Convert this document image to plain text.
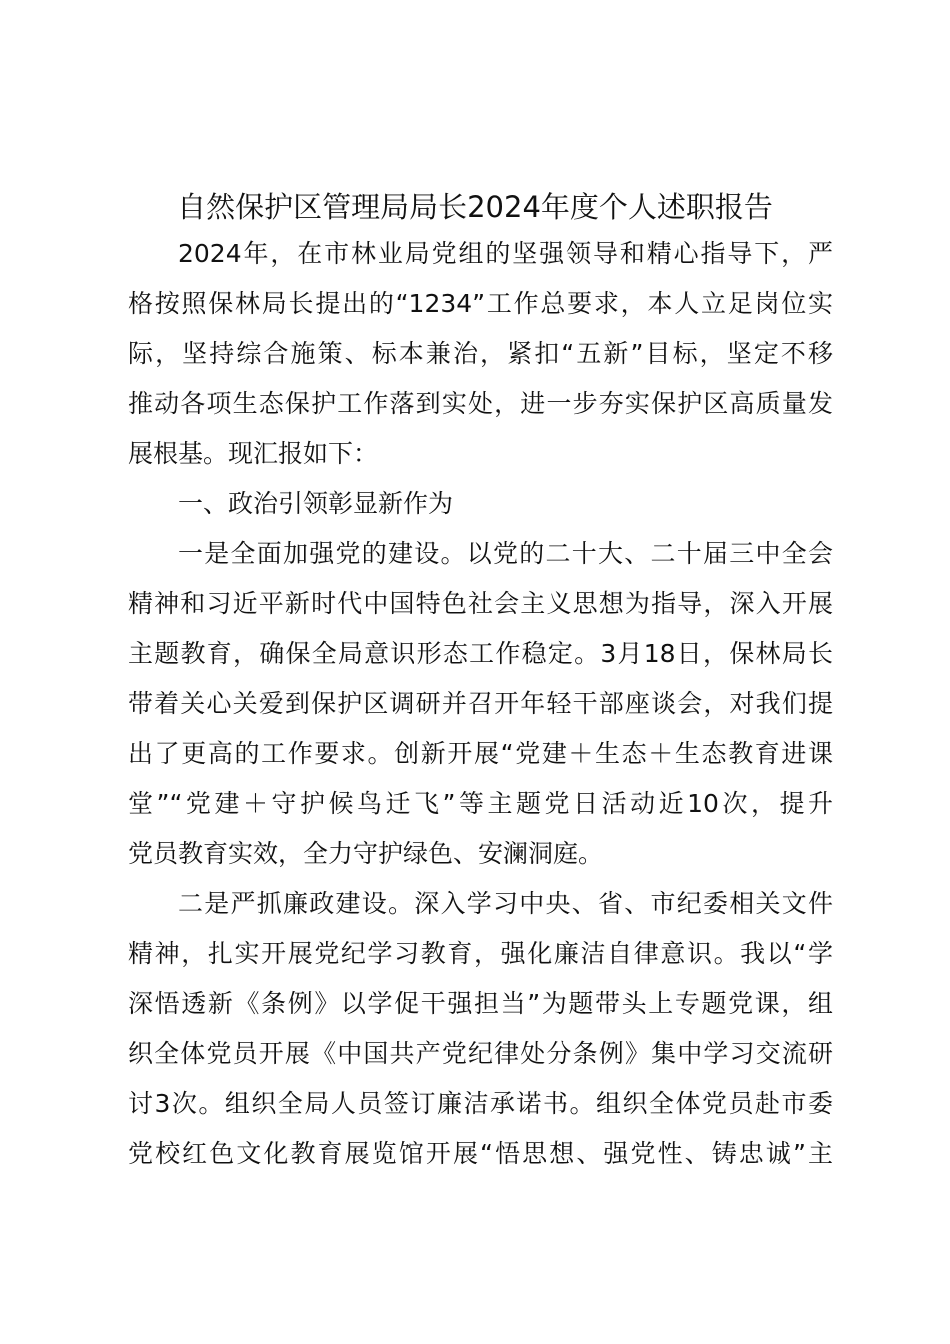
自然保护区管理局局长2024年度个人述职报告
2024年，在市林业局党组的坚强领导和精心指导下，严
格按照保林局长提出的“1234”工作总要求，本人立足岗位实
际，坚持综合施策、标本兼治，紧扣“五新”目标，坚定不移
推动各项生态保护工作落到实处，进一步夯实保护区高质量发
展根基。现汇报如下：
一、政治引领彰显新作为
一是全面加强党的建设。以党的二十大、二十届三中全会
精神和习近平新时代中国特色社会主义思想为指导，深入开展
主题教育，确保全局意识形态工作稳定。3月18日，保林局长
带着关心关爱到保护区调研并召开年轻干部座谈会，对我们提
出了更高的工作要求。创新开展“党建＋生态＋生态教育进课
堂”“党建＋守护候鸟迁飞”等主题党日活动近10次，提升
党员教育实效，全力守护绿色、安澜洞庭。
二是严抓廉政建设。深入学习中央、省、市纪委相关文件
精神，扎实开展党纪学习教育，强化廉洁自律意识。我以“学
深悟透新《条例》以学促干强担当”为题带头上专题党课，组
织全体党员开展《中国共产党纪律处分条例》集中学习交流研
讨3次。组织全局人员签订廉洁承诺书。组织全体党员赴市委
党校红色文化教育展览馆开展“悟思想、强党性、铸忠诚”主
